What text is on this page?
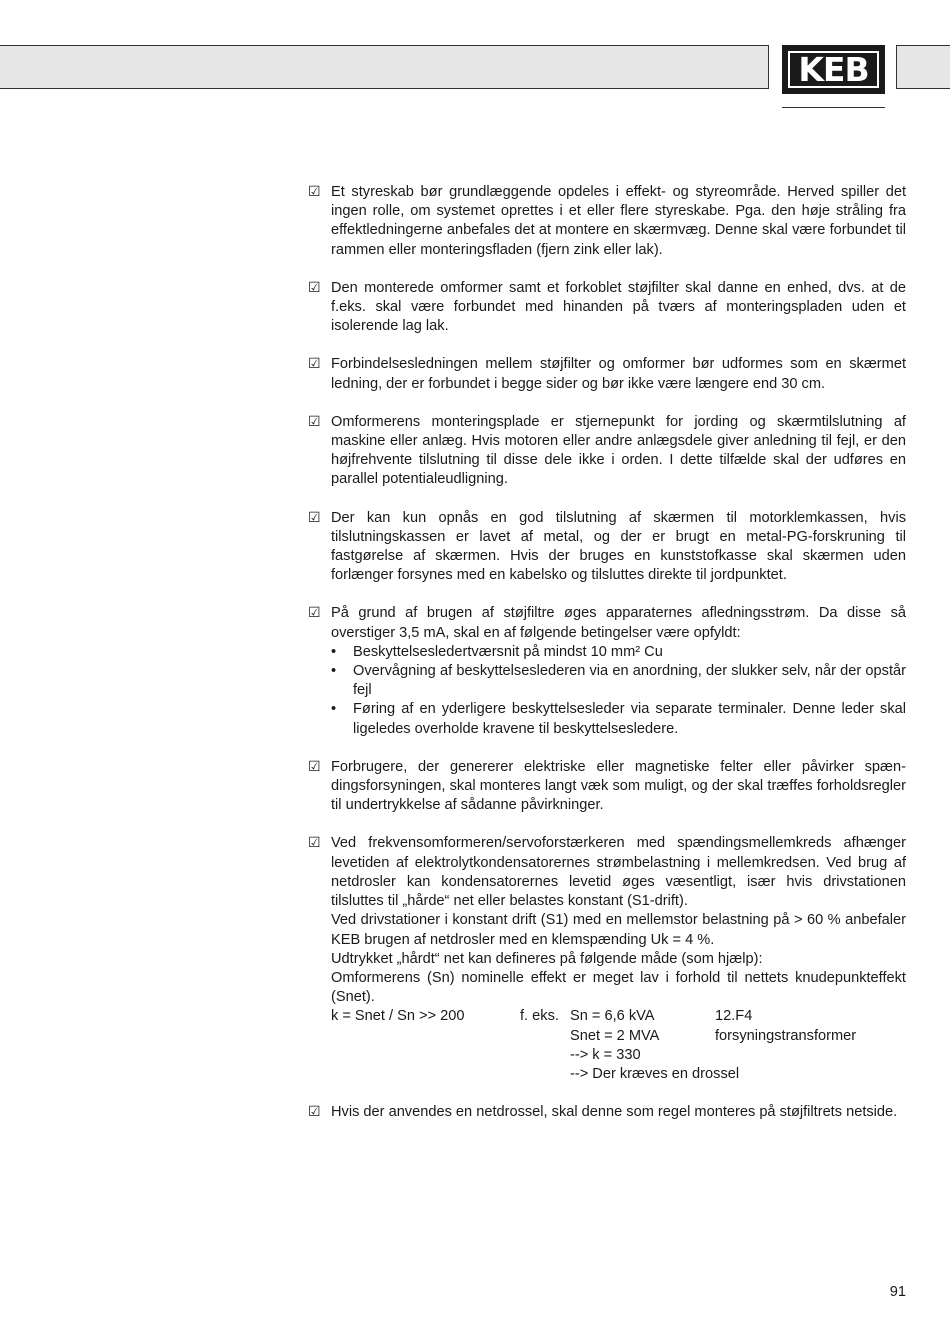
KEB
☑ Et styreskab bør grundlæggende opdeles i effekt- og styreområde. Herved spiller det ingen rolle, om systemet oprettes i et eller flere styreskabe. Pga. den høje stråling fra effektledningerne anbefales det at montere en skærmvæg. Denne skal være forbundet til rammen eller monteringsfladen (fjern zink eller lak).

☑ Den monterede omformer samt et forkoblet støjfilter skal danne en enhed, dvs. at de f.eks. skal være forbundet med hinanden på tværs af monteringspladen uden et isolerende lag lak.

☑ Forbindelsesledningen mellem støjfilter og omformer bør udformes som en skærmet ledning, der er forbundet i begge sider og bør ikke være længere end 30 cm.

☑ Omformerens monteringsplade er stjernepunkt for jording og skærmtilslutning af maskine eller anlæg. Hvis motoren eller andre anlægsdele giver anledning til fejl, er den højfrehvente tilslutning til disse dele ikke i orden. I dette tilfælde skal der udføres en parallel potentialeudligning.

☑ Der kan kun opnås en god tilslutning af skærmen til motorklemkassen, hvis tilslutningskassen er lavet af metal, og der er brugt en metal-PG-forskruning til fastgørelse af skærmen. Hvis der bruges en kunststofkasse skal skærmen uden forlænger forsynes med en kabelsko og tilsluttes direkte til jordpunktet.

☑ På grund af brugen af støjfiltre øges apparaternes afledningsstrøm. Da disse så overstiger 3,5 mA, skal en af følgende betingelser være opfyldt:

•	Beskyttelsesledertværsnit på mindst 10 mm² Cu
•	Overvågning af beskyttelseslederen via en anordning, der slukker selv, når der opstår fejl
•	Føring af en yderligere beskyttelsesleder via separate terminaler. Denne leder skal ligeledes overholde kravene til beskyttelseslederе.
☑ Forbrugere, der genererer elektriske eller magnetiske felter eller påvirker spæn-dingsforsyningen, skal monteres langt væk som muligt, og der skal træffes forholdsregler til undertrykkelse af sådanne påvirkninger.

☑ Ved frekvensomformeren/servoforstærkeren med spændingsmellemkreds afhænger levetiden af elektrolytkondensatorernes strømbelastning i mellemkredsen. Ved brug af netdrosler kan kondensatorernes levetid øges væsentligt, især hvis drivstationen tilsluttes til „hårde“ net eller belastes konstant (S1-drift).

Ved drivstationer i konstant drift (S1) med en mellemstor belastning på > 60 % anbefaler KEB brugen af netdrosler med en klemspænding Uk = 4 %.

Udtrykket „hårdt“ net kan defineres på følgende måde (som hjælp):

Omformerens (Sn) nominelle effekt er meget lav i forhold til nettets knudepunkteffekt (Snet).

k = Snet / Sn >> 200	f. eks. Sn = 6,6 kVA	12.F4
Snet = 2 MVA	forsyningstransformer
--> k = 330
--> Der kræves en drossel
☑ Hvis der anvendes en netdrossel, skal denne som regel monteres på støjfiltrets netside.

91
